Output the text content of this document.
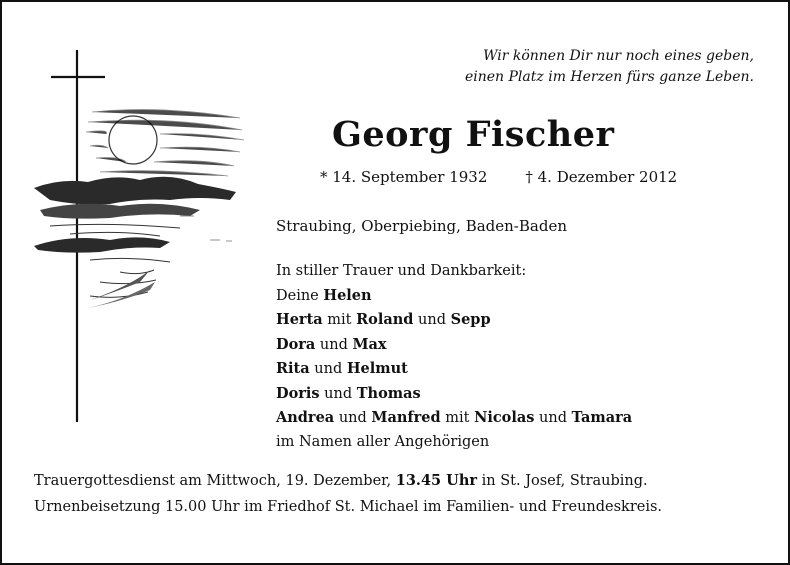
Wir können Dir nur noch eines geben,
einen Platz im Herzen fürs ganze Leben.
Georg Fischer
* 14. September 1932	† 4. Dezember 2012
Straubing, Oberpiebing, Baden-Baden
In stiller Trauer und Dankbarkeit:
Deine Helen
Herta mit Roland und Sepp
Dora und Max
Rita und Helmut
Doris und Thomas
Andrea und Manfred mit Nicolas und Tamara
im Namen aller Angehörigen
Trauergottesdienst am Mittwoch, 19. Dezember, 13.45 Uhr in St. Josef, Straubing.
Urnenbeisetzung 15.00 Uhr im Friedhof St. Michael im Familien- und Freundeskreis.
